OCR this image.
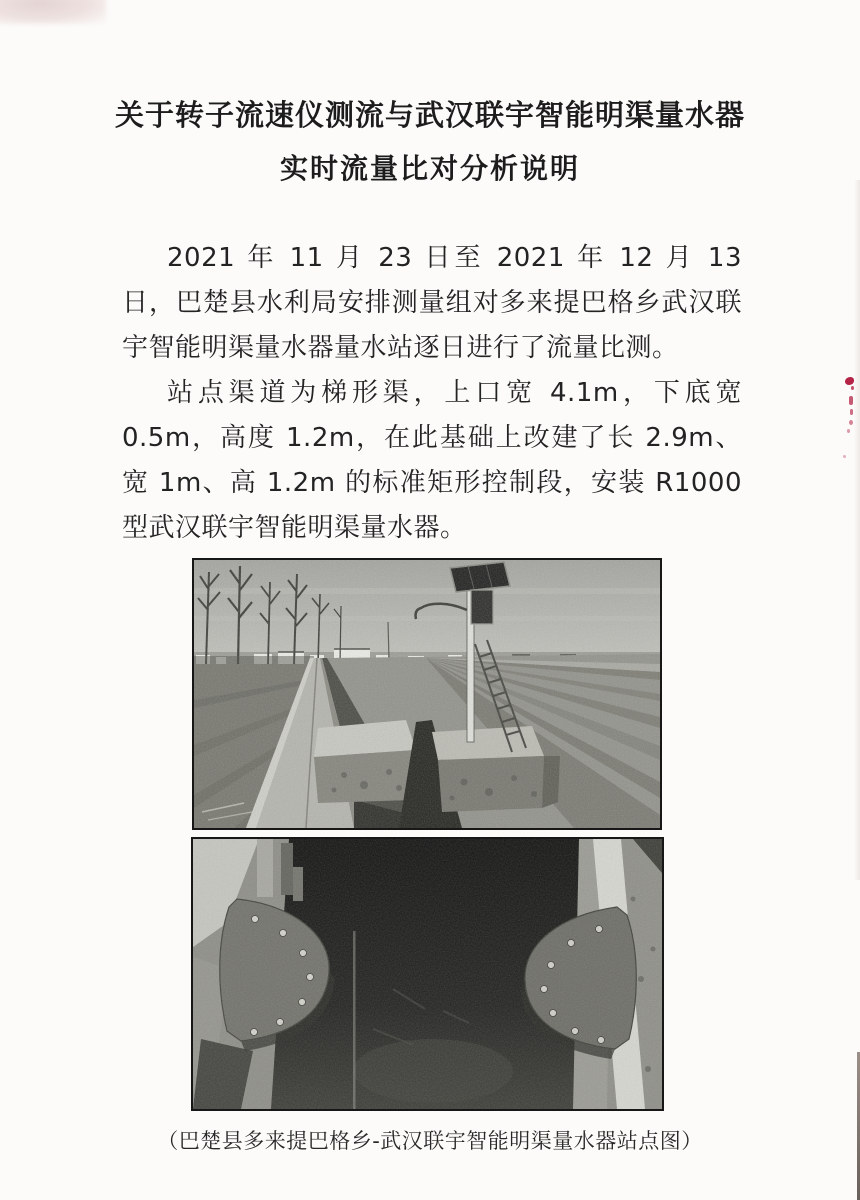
关于转子流速仪测流与武汉联宇智能明渠量水器
实时流量比对分析说明

2021 年 11 月 23 日至 2021 年 12 月 13 日，巴楚县水利局安排测量组对多来提巴格乡武汉联宇智能明渠量水器量水站逐日进行了流量比测。

站点渠道为梯形渠，上口宽 4.1m，下底宽 0.5m，高度 1.2m，在此基础上改建了长 2.9m、宽 1m、高 1.2m 的标准矩形控制段，安装 R1000 型武汉联宇智能明渠量水器。

（巴楚县多来提巴格乡-武汉联宇智能明渠量水器站点图）
